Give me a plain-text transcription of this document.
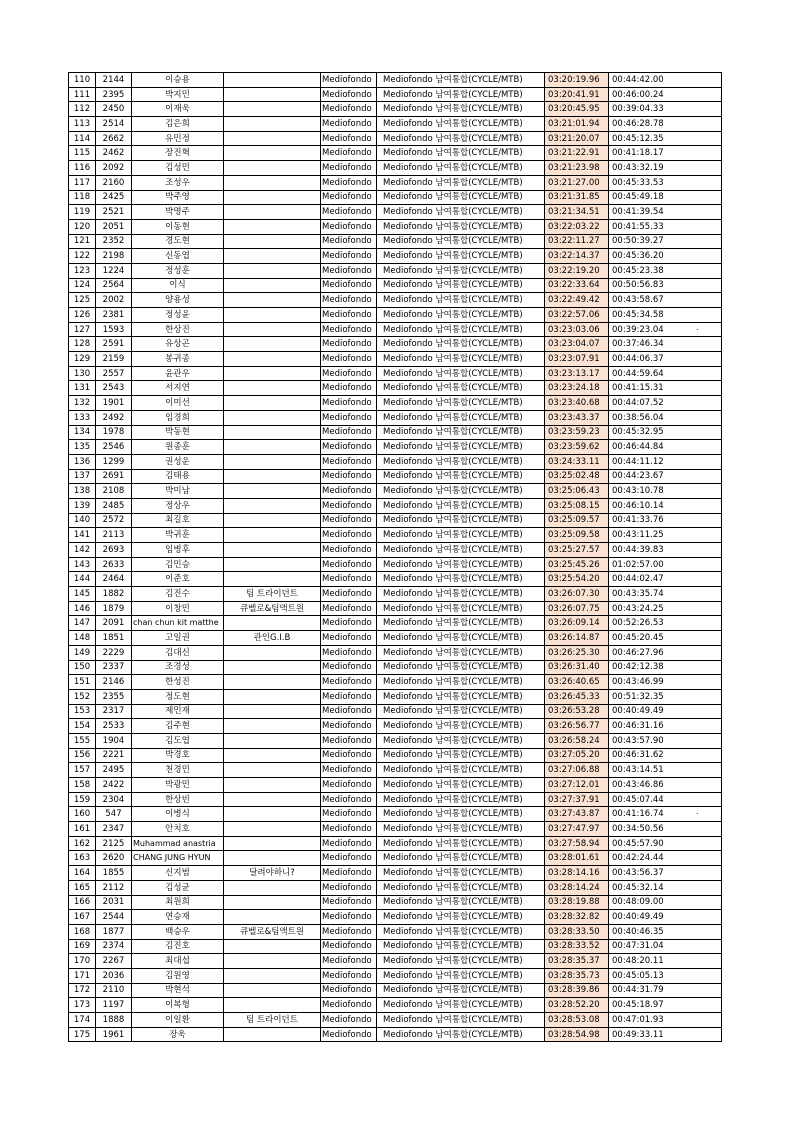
110	2144	이승용		Mediofondo	Mediofondo 남여통합(CYCLE/MTB)	03:20:19.96	00:44:42.00
111	2395	박지민		Mediofondo	Mediofondo 남여통합(CYCLE/MTB)	03:20:41.91	00:46:00.24
112	2450	이재욱		Mediofondo	Mediofondo 남여통합(CYCLE/MTB)	03:20:45.95	00:39:04.33
113	2514	김은희		Mediofondo	Mediofondo 남여통합(CYCLE/MTB)	03:21:01.94	00:46:28.78
114	2662	유민정		Mediofondo	Mediofondo 남여통합(CYCLE/MTB)	03:21:20.07	00:45:12.35
115	2462	장진혁		Mediofondo	Mediofondo 남여통합(CYCLE/MTB)	03:21:22.91	00:41:18.17
116	2092	김성민		Mediofondo	Mediofondo 남여통합(CYCLE/MTB)	03:21:23.98	00:43:32.19
117	2160	조성우		Mediofondo	Mediofondo 남여통합(CYCLE/MTB)	03:21:27.00	00:45:33.53
118	2425	박주영		Mediofondo	Mediofondo 남여통합(CYCLE/MTB)	03:21:31.85	00:45:49.18
119	2521	박명주		Mediofondo	Mediofondo 남여통합(CYCLE/MTB)	03:21:34.51	00:41:39.54
120	2051	이동현		Mediofondo	Mediofondo 남여통합(CYCLE/MTB)	03:22:03.22	00:41:55.33
121	2352	경도현		Mediofondo	Mediofondo 남여통합(CYCLE/MTB)	03:22:11.27	00:50:39.27
122	2198	신동엽		Mediofondo	Mediofondo 남여통합(CYCLE/MTB)	03:22:14.37	00:45:36.20
123	1224	정성훈		Mediofondo	Mediofondo 남여통합(CYCLE/MTB)	03:22:19.20	00:45:23.38
124	2564	이식		Mediofondo	Mediofondo 남여통합(CYCLE/MTB)	03:22:33.64	00:50:56.83
125	2002	양용성		Mediofondo	Mediofondo 남여통합(CYCLE/MTB)	03:22:49.42	00:43:58.67
126	2381	정성윤		Mediofondo	Mediofondo 남여통합(CYCLE/MTB)	03:22:57.06	00:45:34.58
127	1593	한상진		Mediofondo	Mediofondo 남여통합(CYCLE/MTB)	03:23:03.06	00:39:23.04
128	2591	유상곤		Mediofondo	Mediofondo 남여통합(CYCLE/MTB)	03:23:04.07	00:37:46.34
129	2159	봉귀종		Mediofondo	Mediofondo 남여통합(CYCLE/MTB)	03:23:07.91	00:44:06.37
130	2557	윤관우		Mediofondo	Mediofondo 남여통합(CYCLE/MTB)	03:23:13.17	00:44:59.64
131	2543	서지연		Mediofondo	Mediofondo 남여통합(CYCLE/MTB)	03:23:24.18	00:41:15.31
132	1901	이미선		Mediofondo	Mediofondo 남여통합(CYCLE/MTB)	03:23:40.68	00:44:07.52
133	2492	임경희		Mediofondo	Mediofondo 남여통합(CYCLE/MTB)	03:23:43.37	00:38:56.04
134	1978	박동현		Mediofondo	Mediofondo 남여통합(CYCLE/MTB)	03:23:59.23	00:45:32.95
135	2546	원종훈		Mediofondo	Mediofondo 남여통합(CYCLE/MTB)	03:23:59.62	00:46:44.84
136	1299	권성운		Mediofondo	Mediofondo 남여통합(CYCLE/MTB)	03:24:33.11	00:44:11.12
137	2691	김태용		Mediofondo	Mediofondo 남여통합(CYCLE/MTB)	03:25:02.48	00:44:23.67
138	2108	박미남		Mediofondo	Mediofondo 남여통합(CYCLE/MTB)	03:25:06.43	00:43:10.78
139	2485	정상우		Mediofondo	Mediofondo 남여통합(CYCLE/MTB)	03:25:08.15	00:46:10.14
140	2572	최길호		Mediofondo	Mediofondo 남여통합(CYCLE/MTB)	03:25:09.57	00:41:33.76
141	2113	박귀훈		Mediofondo	Mediofondo 남여통합(CYCLE/MTB)	03:25:09.58	00:43:11.25
142	2693	임병후		Mediofondo	Mediofondo 남여통합(CYCLE/MTB)	03:25:27.57	00:44:39.83
143	2633	김민승		Mediofondo	Mediofondo 남여통합(CYCLE/MTB)	03:25:45.26	01:02:57.00
144	2464	이준호		Mediofondo	Mediofondo 남여통합(CYCLE/MTB)	03:25:54.20	00:44:02.47
145	1882	김진수	팀 트라이던트	Mediofondo	Mediofondo 남여통합(CYCLE/MTB)	03:26:07.30	00:43:35.74
146	1879	이창민	큐벨로&팀액트원	Mediofondo	Mediofondo 남여통합(CYCLE/MTB)	03:26:07.75	00:43:24.25
147	2091	chan chun kit matthe		Mediofondo	Mediofondo 남여통합(CYCLE/MTB)	03:26:09.14	00:52:26.53
148	1851	고일권	관인G.I.B	Mediofondo	Mediofondo 남여통합(CYCLE/MTB)	03:26:14.87	00:45:20.45
149	2229	김대신		Mediofondo	Mediofondo 남여통합(CYCLE/MTB)	03:26:25.30	00:46:27.96
150	2337	조경성		Mediofondo	Mediofondo 남여통합(CYCLE/MTB)	03:26:31.40	00:42:12.38
151	2146	한성진		Mediofondo	Mediofondo 남여통합(CYCLE/MTB)	03:26:40.65	00:43:46.99
152	2355	정도현		Mediofondo	Mediofondo 남여통합(CYCLE/MTB)	03:26:45.33	00:51:32.35
153	2317	제민재		Mediofondo	Mediofondo 남여통합(CYCLE/MTB)	03:26:53.28	00:40:49.49
154	2533	김주현		Mediofondo	Mediofondo 남여통합(CYCLE/MTB)	03:26:56.77	00:46:31.16
155	1904	김도엽		Mediofondo	Mediofondo 남여통합(CYCLE/MTB)	03:26:58.24	00:43:57.90
156	2221	박경호		Mediofondo	Mediofondo 남여통합(CYCLE/MTB)	03:27:05.20	00:46:31.62
157	2495	천경민		Mediofondo	Mediofondo 남여통합(CYCLE/MTB)	03:27:06.88	00:43:14.51
158	2422	박광민		Mediofondo	Mediofondo 남여통합(CYCLE/MTB)	03:27:12.01	00:43:46.86
159	2304	한상빈		Mediofondo	Mediofondo 남여통합(CYCLE/MTB)	03:27:37.91	00:45:07.44
160	547	이병식		Mediofondo	Mediofondo 남여통합(CYCLE/MTB)	03:27:43.87	00:41:16.74
161	2347	안치호		Mediofondo	Mediofondo 남여통합(CYCLE/MTB)	03:27:47.97	00:34:50.56
162	2125	Muhammad anastria		Mediofondo	Mediofondo 남여통합(CYCLE/MTB)	03:27:58.94	00:45:57.90
163	2620	CHANG JUNG HYUN		Mediofondo	Mediofondo 남여통합(CYCLE/MTB)	03:28:01.61	00:42:24.44
164	1855	신지범	달려야하니?	Mediofondo	Mediofondo 남여통합(CYCLE/MTB)	03:28:14.16	00:43:56.37
165	2112	김성균		Mediofondo	Mediofondo 남여통합(CYCLE/MTB)	03:28:14.24	00:45:32.14
166	2031	최원희		Mediofondo	Mediofondo 남여통합(CYCLE/MTB)	03:28:19.88	00:48:09.00
167	2544	연승재		Mediofondo	Mediofondo 남여통합(CYCLE/MTB)	03:28:32.82	00:40:49.49
168	1877	백승우	큐벨로&팀액트원	Mediofondo	Mediofondo 남여통합(CYCLE/MTB)	03:28:33.50	00:40:46.35
169	2374	김진호		Mediofondo	Mediofondo 남여통합(CYCLE/MTB)	03:28:33.52	00:47:31.04
170	2267	최대섭		Mediofondo	Mediofondo 남여통합(CYCLE/MTB)	03:28:35.37	00:48:20.11
171	2036	김원영		Mediofondo	Mediofondo 남여통합(CYCLE/MTB)	03:28:35.73	00:45:05.13
172	2110	박현석		Mediofondo	Mediofondo 남여통합(CYCLE/MTB)	03:28:39.86	00:44:31.79
173	1197	이복형		Mediofondo	Mediofondo 남여통합(CYCLE/MTB)	03:28:52.20	00:45:18.97
174	1888	이일환	팀 트라이던트	Mediofondo	Mediofondo 남여통합(CYCLE/MTB)	03:28:53.08	00:47:01.93
175	1961	장욱		Mediofondo	Mediofondo 남여통합(CYCLE/MTB)	03:28:54.98	00:49:33.11
.
.
